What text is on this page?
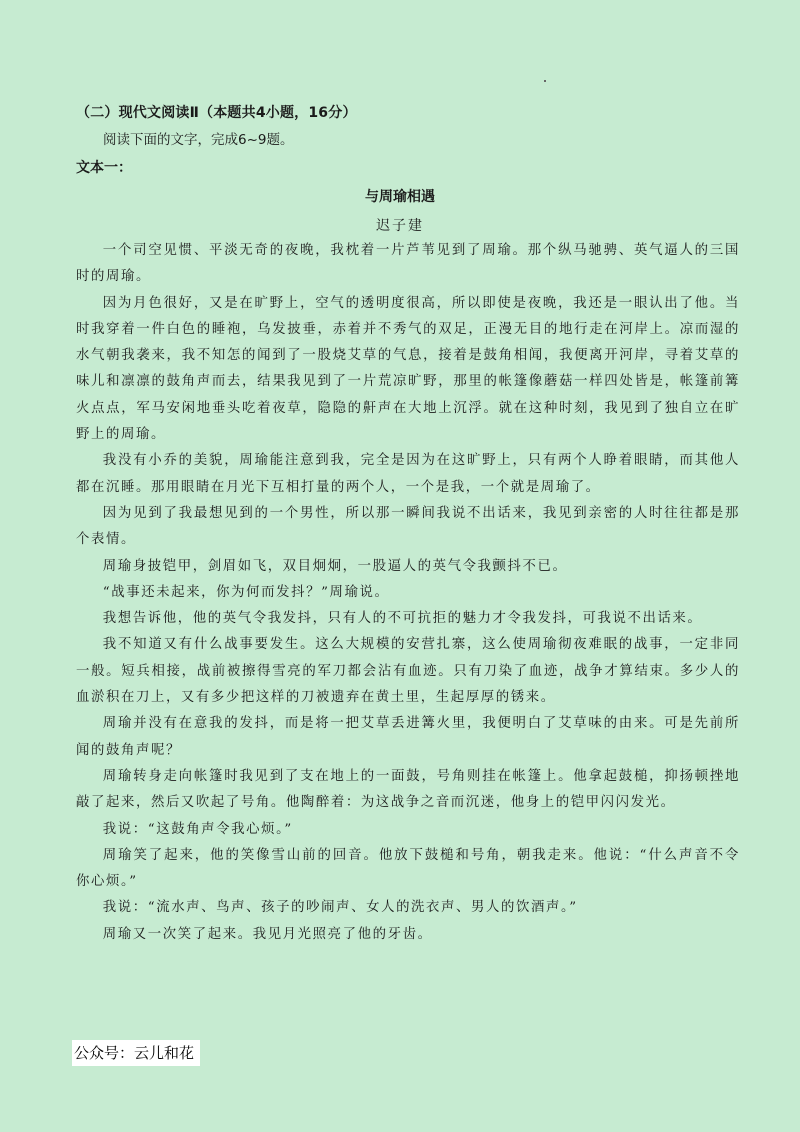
（二）现代文阅读Ⅱ（本题共4小题，16分）
阅读下面的文字，完成6~9题。
文本一：
与周瑜相遇
迟子建

一个司空见惯、平淡无奇的夜晚，我枕着一片芦苇见到了周瑜。那个纵马驰骋、英气逼人的三国时的周瑜。

因为月色很好，又是在旷野上，空气的透明度很高，所以即使是夜晚，我还是一眼认出了他。当时我穿着一件白色的睡袍，乌发披垂，赤着并不秀气的双足，正漫无目的地行走在河岸上。凉而湿的水气朝我袭来，我不知怎的闻到了一股烧艾草的气息，接着是鼓角相闻，我便离开河岸，寻着艾草的味儿和凛凛的鼓角声而去，结果我见到了一片荒凉旷野，那里的帐篷像蘑菇一样四处皆是，帐篷前篝火点点，军马安闲地垂头吃着夜草，隐隐的鼾声在大地上沉浮。就在这种时刻，我见到了独自立在旷野上的周瑜。

我没有小乔的美貌，周瑜能注意到我，完全是因为在这旷野上，只有两个人睁着眼睛，而其他人都在沉睡。那用眼睛在月光下互相打量的两个人，一个是我，一个就是周瑜了。

因为见到了我最想见到的一个男性，所以那一瞬间我说不出话来，我见到亲密的人时往往都是那个表情。

周瑜身披铠甲，剑眉如飞，双目炯炯，一股逼人的英气令我颤抖不已。

“战事还未起来，你为何而发抖？”周瑜说。

我想告诉他，他的英气令我发抖，只有人的不可抗拒的魅力才令我发抖，可我说不出话来。

我不知道又有什么战事要发生。这么大规模的安营扎寨，这么使周瑜彻夜难眠的战事，一定非同一般。短兵相接，战前被擦得雪亮的军刀都会沾有血迹。只有刀染了血迹，战争才算结束。多少人的血淤积在刀上，又有多少把这样的刀被遗弃在黄土里，生起厚厚的锈来。

周瑜并没有在意我的发抖，而是将一把艾草丢进篝火里，我便明白了艾草味的由来。可是先前所闻的鼓角声呢？

周瑜转身走向帐篷时我见到了支在地上的一面鼓，号角则挂在帐篷上。他拿起鼓槌，抑扬顿挫地敲了起来，然后又吹起了号角。他陶醉着：为这战争之音而沉迷，他身上的铠甲闪闪发光。

我说：“这鼓角声令我心烦。”

周瑜笑了起来，他的笑像雪山前的回音。他放下鼓槌和号角，朝我走来。他说：“什么声音不令你心烦。”

我说：“流水声、鸟声、孩子的吵闹声、女人的洗衣声、男人的饮酒声。”

周瑜又一次笑了起来。我见月光照亮了他的牙齿。

公众号：云儿和花
